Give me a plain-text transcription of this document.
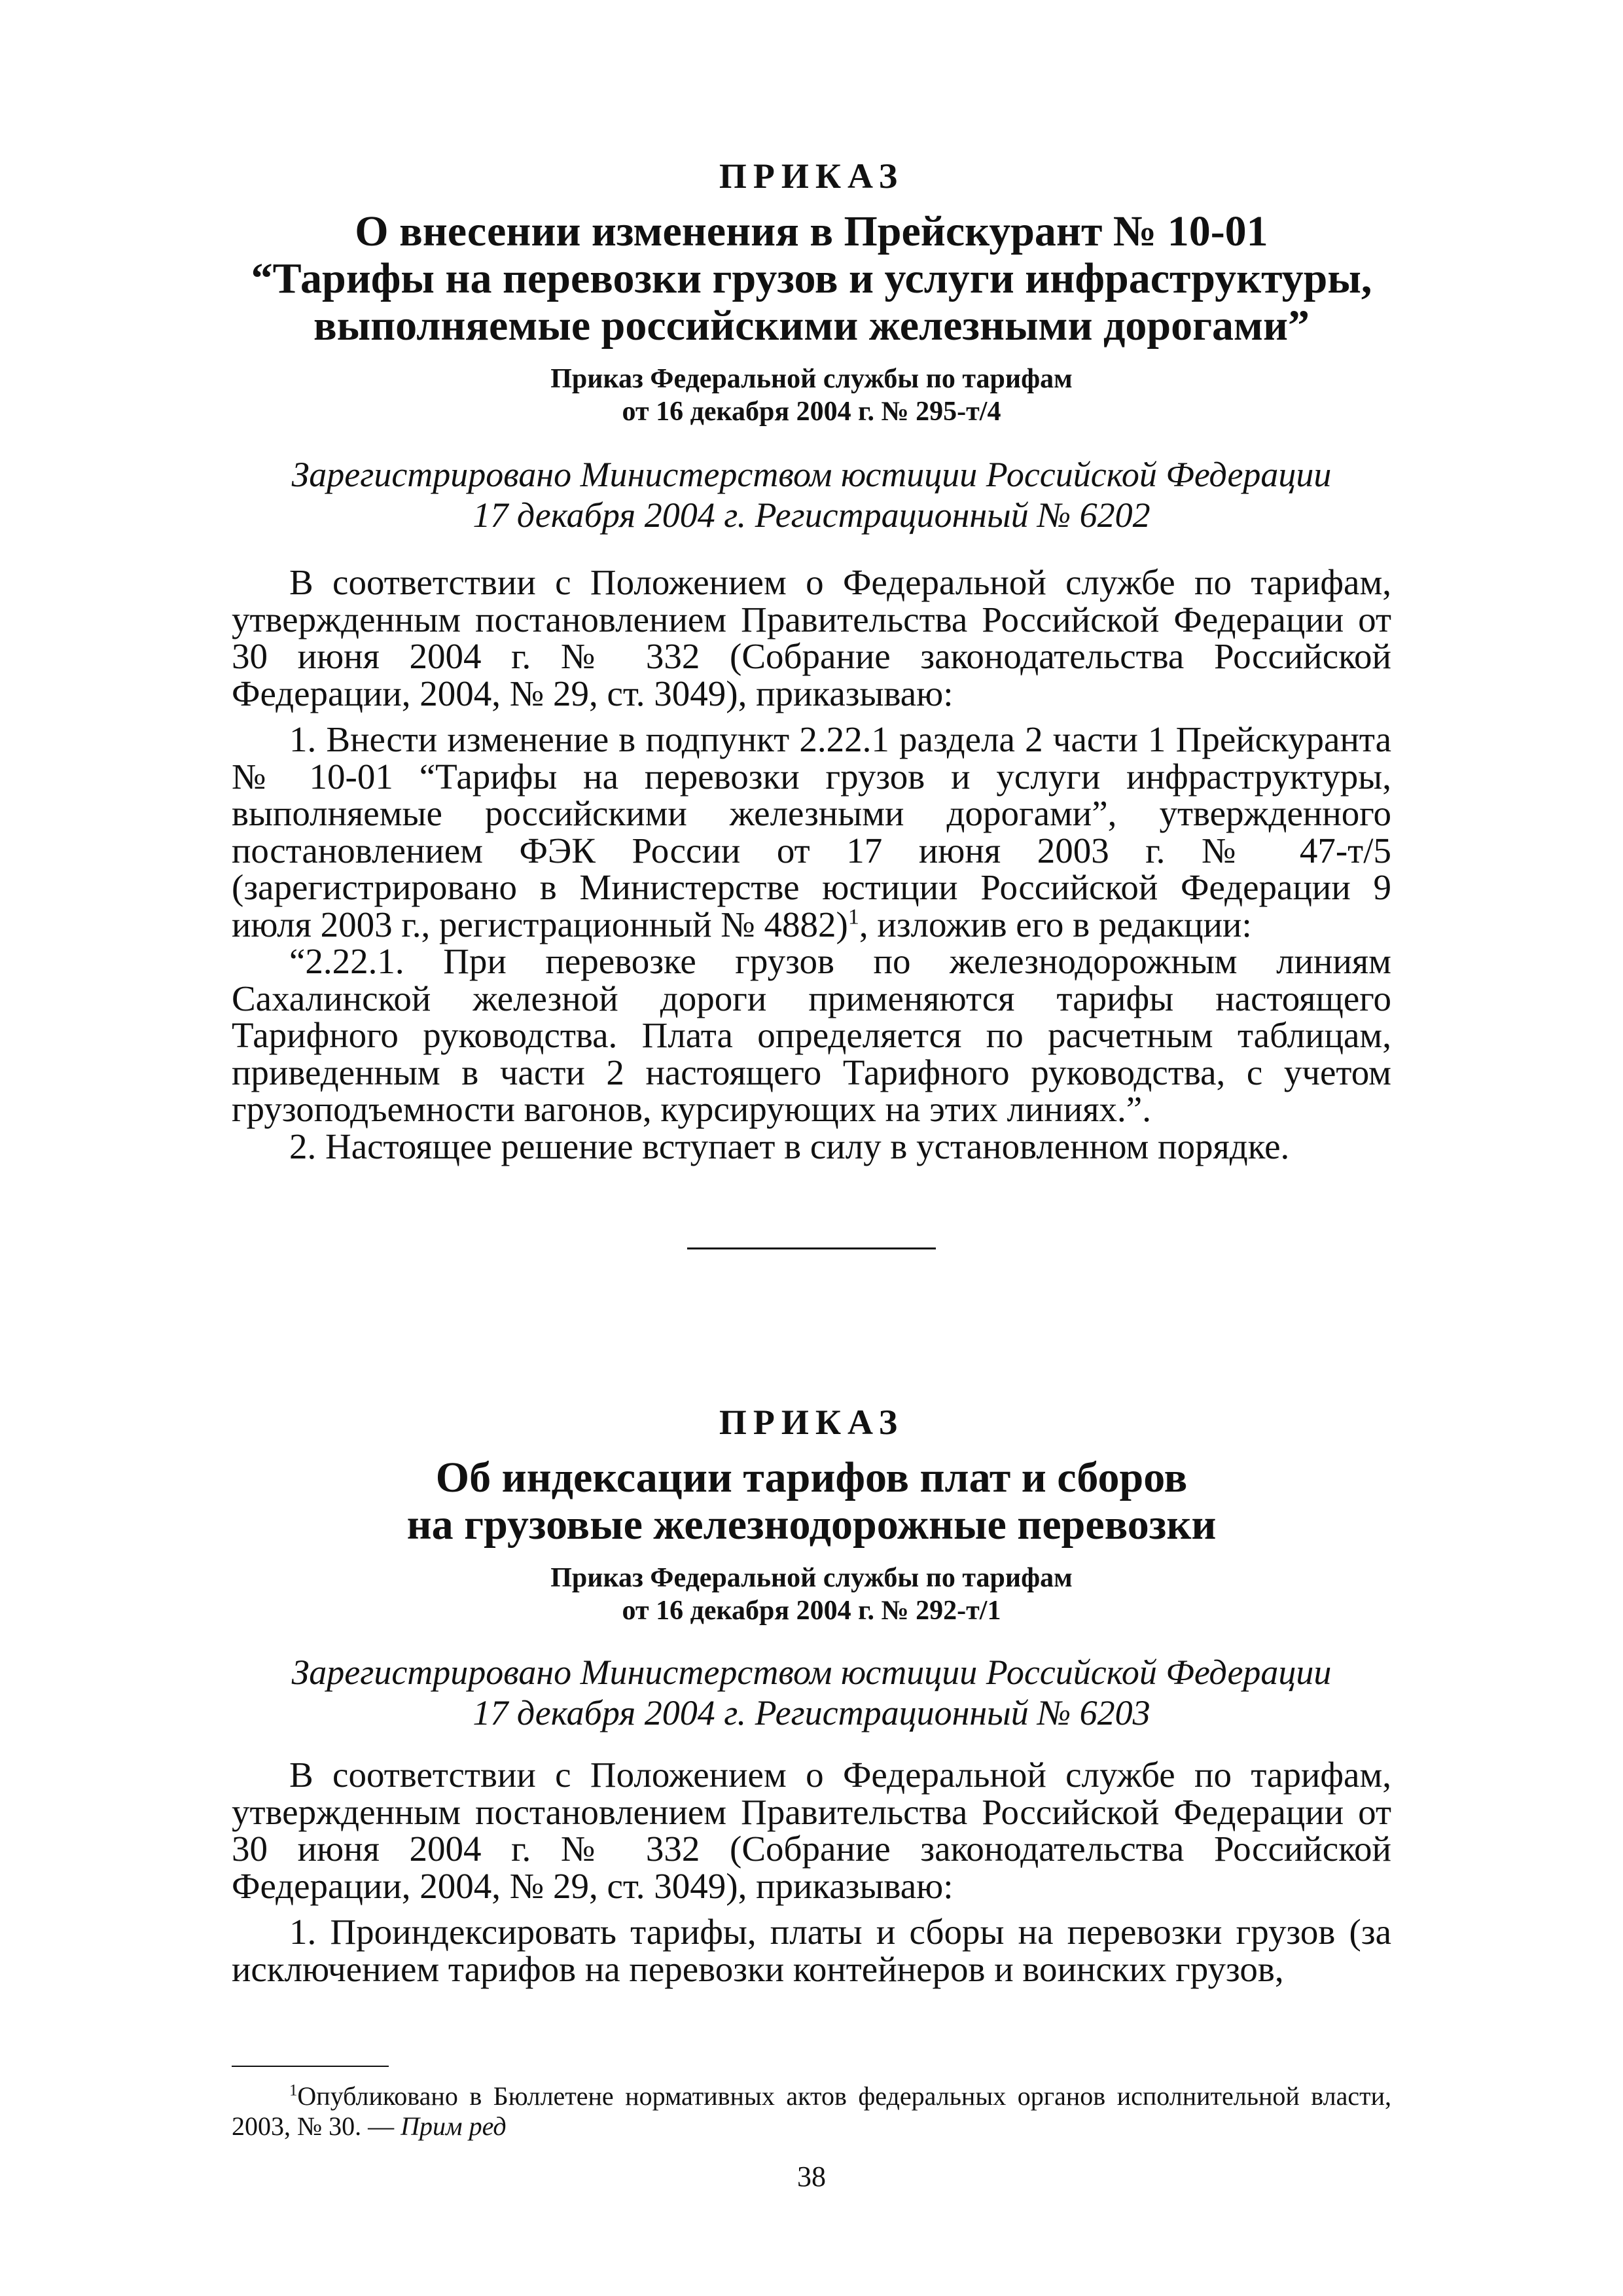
ПРИКАЗ
О внесении изменения в Прейскурант № 10-01
“Тарифы на перевозки грузов и услуги инфраструктуры,
выполняемые российскими железными дорогами”
Приказ Федеральной службы по тарифам
от 16 декабря 2004 г. № 295-т/4
Зарегистрировано Министерством юстиции Российской Федерации
17 декабря 2004 г. Регистрационный № 6202

В соответствии с Положением о Федеральной службе по тарифам, утвержденным постановлением Правительства Российской Федерации от 30 июня 2004 г. № 332 (Собрание законодательства Российской Федерации, 2004, № 29, ст. 3049), приказываю:

1. Внести изменение в подпункт 2.22.1 раздела 2 части 1 Прейскуранта № 10-01 “Тарифы на перевозки грузов и услуги инфраструктуры, выполняемые российскими железными дорогами”, утвержденного постановлением ФЭК России от 17 июня 2003 г. № 47-т/5 (зарегистрировано в Министерстве юстиции Российской Федерации 9 июля 2003 г., регистрационный № 4882)$^1$, изложив его в редакции:

“2.22.1. При перевозке грузов по железнодорожным линиям Сахалинской железной дороги применяются тарифы настоящего Тарифного руководства. Плата определяется по расчетным таблицам, приведенным в части 2 настоящего Тарифного руководства, с учетом грузоподъемности вагонов, курсирующих на этих линиях.”.

2. Настоящее решение вступает в силу в установленном порядке.

ПРИКАЗ
Об индексации тарифов плат и сборов
на грузовые железнодорожные перевозки
Приказ Федеральной службы по тарифам
от 16 декабря 2004 г. № 292-т/1
Зарегистрировано Министерством юстиции Российской Федерации
17 декабря 2004 г. Регистрационный № 6203

В соответствии с Положением о Федеральной службе по тарифам, утвержденным постановлением Правительства Российской Федерации от 30 июня 2004 г. № 332 (Собрание законодательства Российской Федерации, 2004, № 29, ст. 3049), приказываю:

1. Проиндексировать тарифы, платы и сборы на перевозки грузов (за исключением тарифов на перевозки контейнеров и воинских грузов,

$^1$Опубликовано в Бюллетене нормативных актов федеральных органов исполнительной власти, 2003, № 30. — Прим ред

38
